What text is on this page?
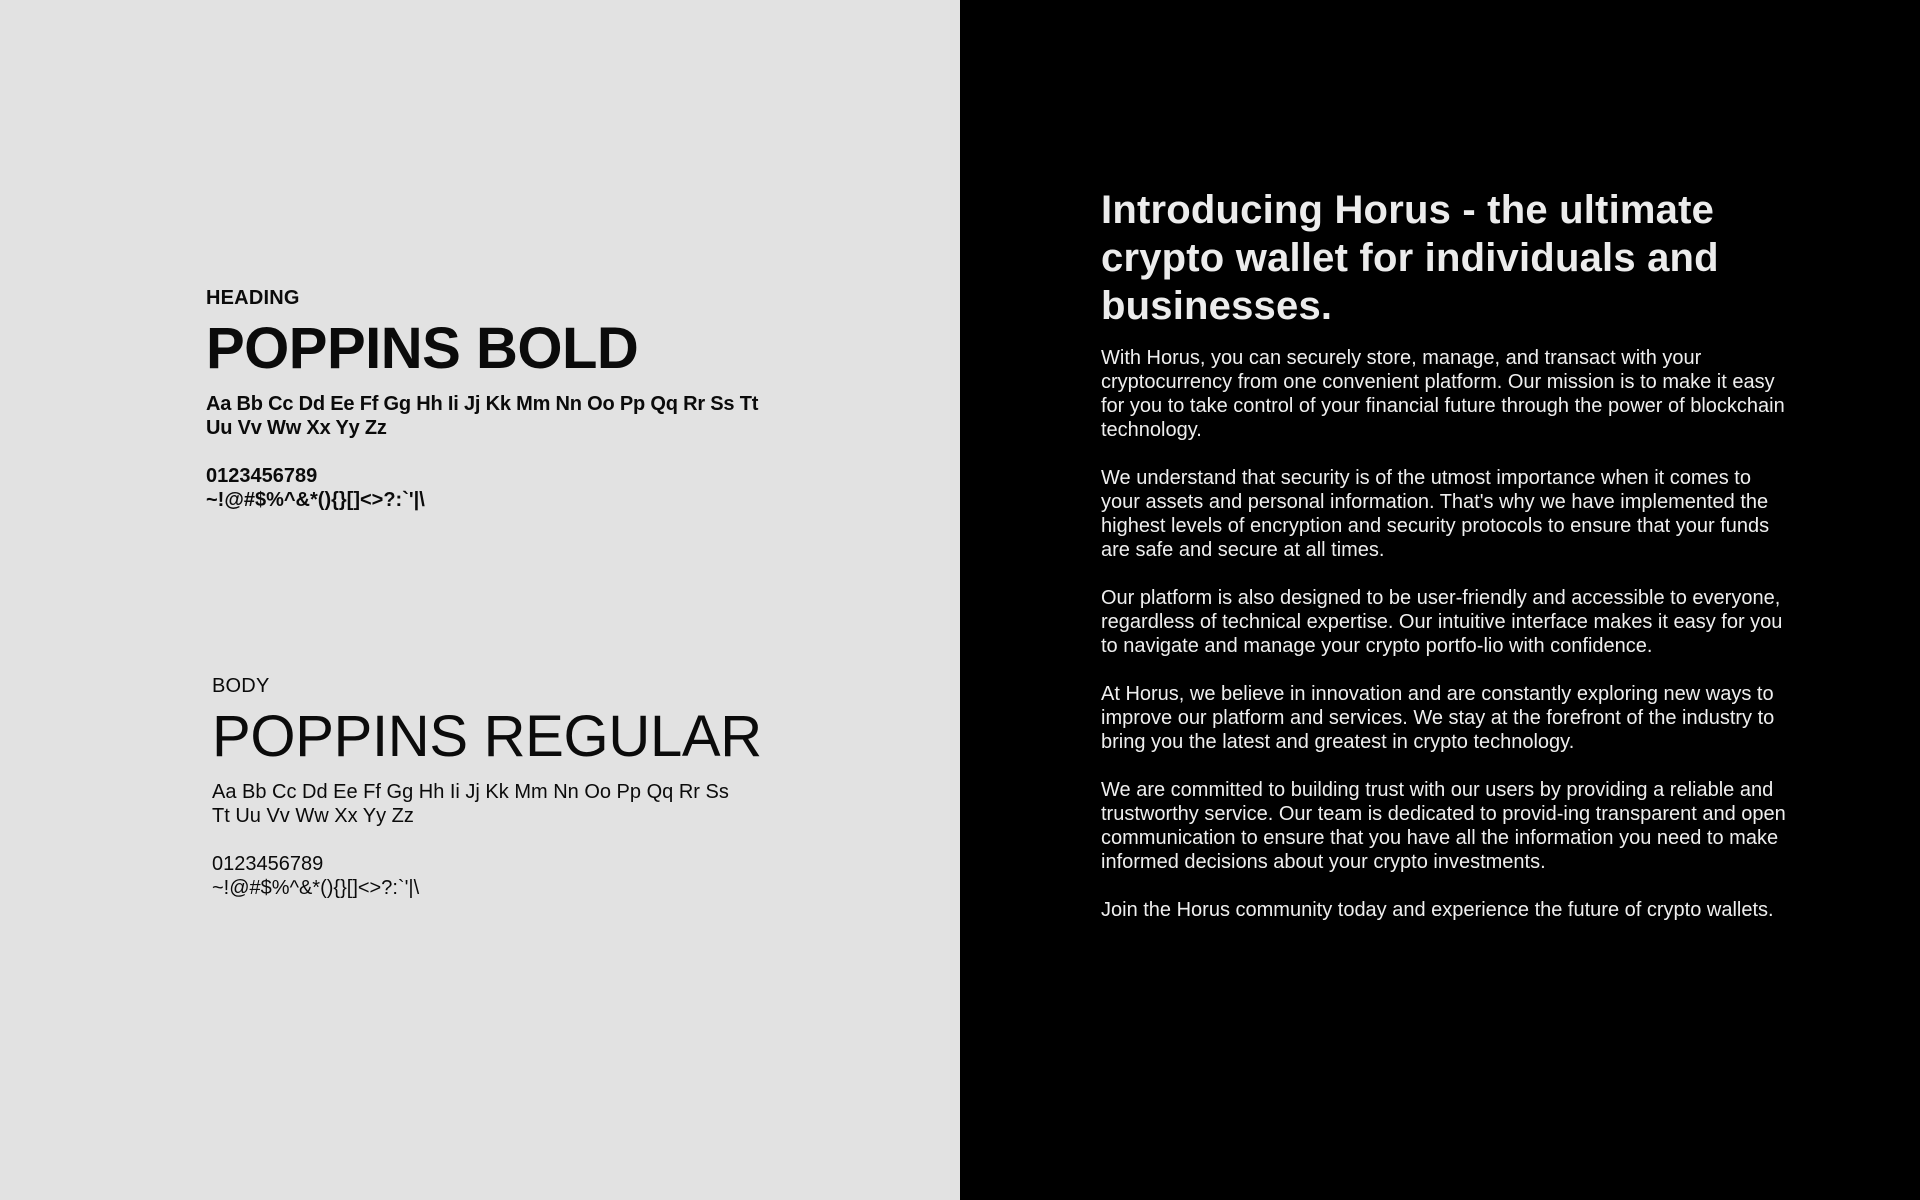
HEADING

POPPINS BOLD

Aa Bb Cc Dd Ee Ff Gg Hh Ii Jj Kk Mm Nn Oo Pp Qq Rr Ss Tt Uu Vv Ww Xx Yy Zz

0123456789

~!@#$%^&*(){}[]<>?:`'|\

BODY

POPPINS REGULAR

Aa Bb Cc Dd Ee Ff Gg Hh Ii Jj Kk Mm Nn Oo Pp Qq Rr Ss Tt Uu Vv Ww Xx Yy Zz

0123456789

~!@#$%^&*(){}[]<>?:`'|\

Introducing Horus - the ultimate crypto wallet for individuals and businesses.

With Horus, you can securely store, manage, and transact with your cryptocurrency from one convenient platform. Our mission is to make it easy for you to take control of your financial future through the power of blockchain technology.

We understand that security is of the utmost importance when it comes to your assets and personal information. That's why we have implemented the highest levels of encryption and security protocols to ensure that your funds are safe and secure at all times.

Our platform is also designed to be user-friendly and accessible to everyone, regardless of technical expertise. Our intuitive interface makes it easy for you to navigate and manage your crypto portfo-lio with confidence.

At Horus, we believe in innovation and are constantly exploring new ways to improve our platform and services. We stay at the forefront of the industry to bring you the latest and greatest in crypto technology.

We are committed to building trust with our users by providing a reliable and trustworthy service. Our team is dedicated to provid-ing transparent and open communication to ensure that you have all the information you need to make informed decisions about your crypto investments.

Join the Horus community today and experience the future of crypto wallets.
